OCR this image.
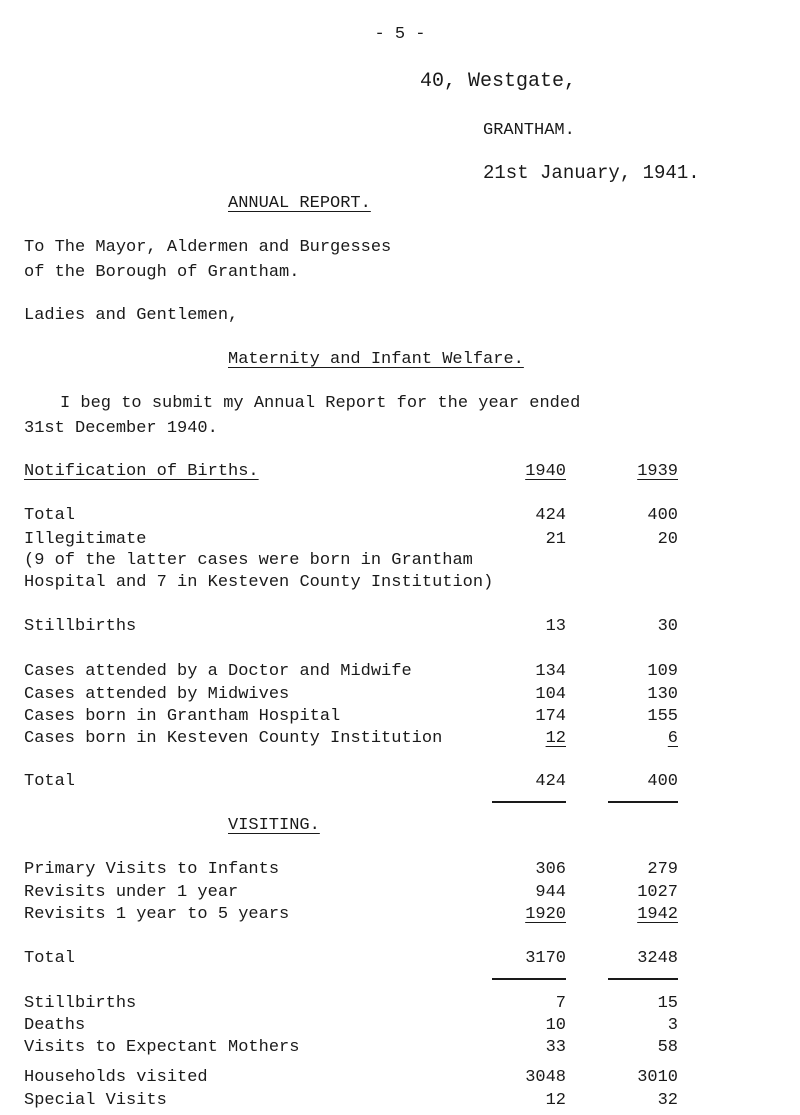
- 5 -
40, Westgate,
GRANTHAM.
21st January, 1941.
ANNUAL REPORT.
To The Mayor, Aldermen and Burgesses
of the Borough of Grantham.
Ladies and Gentlemen,
Maternity and Infant Welfare.
I beg to submit my Annual Report for the year ended
31st December 1940.
Notification of Births.	1940	1939
Total	424	400
Illegitimate	21	20
(9 of the latter cases were born in Grantham
Hospital and 7 in Kesteven County Institution)
Stillbirths	13	30
Cases attended by a Doctor and Midwife	134	109
Cases attended by Midwives	104	130
Cases born in Grantham Hospital	174	155
Cases born in Kesteven County Institution	12	6
Total	424	400
VISITING.
Primary Visits to Infants	306	279
Revisits under 1 year	944	1027
Revisits 1 year to 5 years	1920	1942
Total	3170	3248
Stillbirths	7	15
Deaths	10	3
Visits to Expectant Mothers	33	58
Households visited	3048	3010
Special Visits	12	32
